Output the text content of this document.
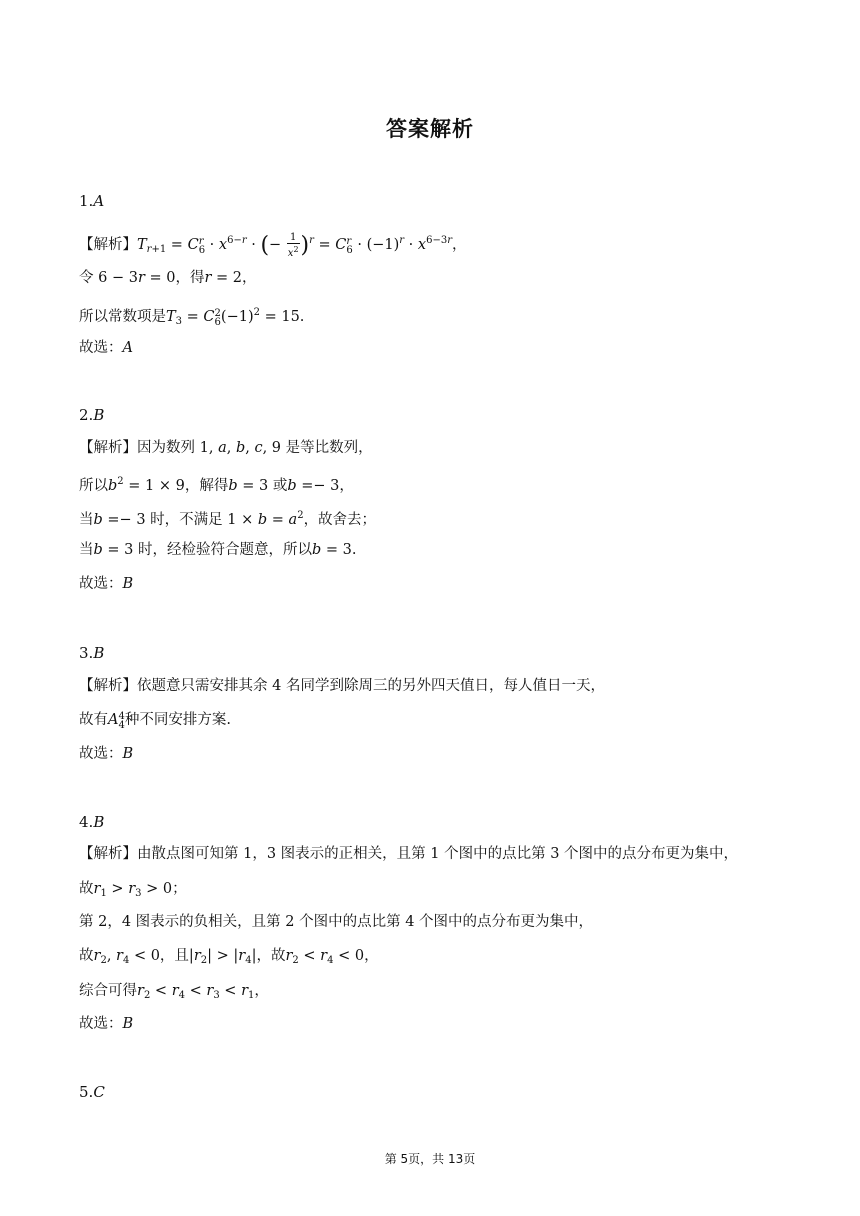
答案解析
1.A
【解析】$T_{r+1} = C$ r
$6 \cdot x^{6-r}$ · (− $\frac{1}{x^2} )^r = C$ r
$6 \cdot (-1)^r \cdot x^{6-3r}$，
令 6 − 3r = 0，得r = 2，
所以常数项是$T_3 = C$ 2
6 $(-1)^2 = 15$.
故选：A
2.B
【解析】因为数列 1, a, b, c, 9 是等比数列，
所以$b^2 = 1 \times 9$，解得b = 3 或b =− 3，
当b =− 3 时，不满足 $1 \times b = a^2$，故舍去；
当b = 3 时，经检验符合题意，所以b = 3.
故选：B
3.B
【解析】依题意只需安排其余 4 名同学到除周三的另外四天值日，每人值日一天，
故有A 4
4 种不同安排方案.
故选：B
4.B
【解析】由散点图可知第 1，3 图表示的正相关，且第 1 个图中的点比第 3 个图中的点分布更为集中，
故$r_1 > r_3 > 0$；
第 2，4 图表示的负相关，且第 2 个图中的点比第 4 个图中的点分布更为集中，
故$r_2$, $r_4 < 0$，且$|r_2| > |r_4|$，故$r_2 < r_4 < 0$，
综合可得$r_2 < r_4 < r_3 < r_1$，
故选：B
5.C
第 5页，共 13页
